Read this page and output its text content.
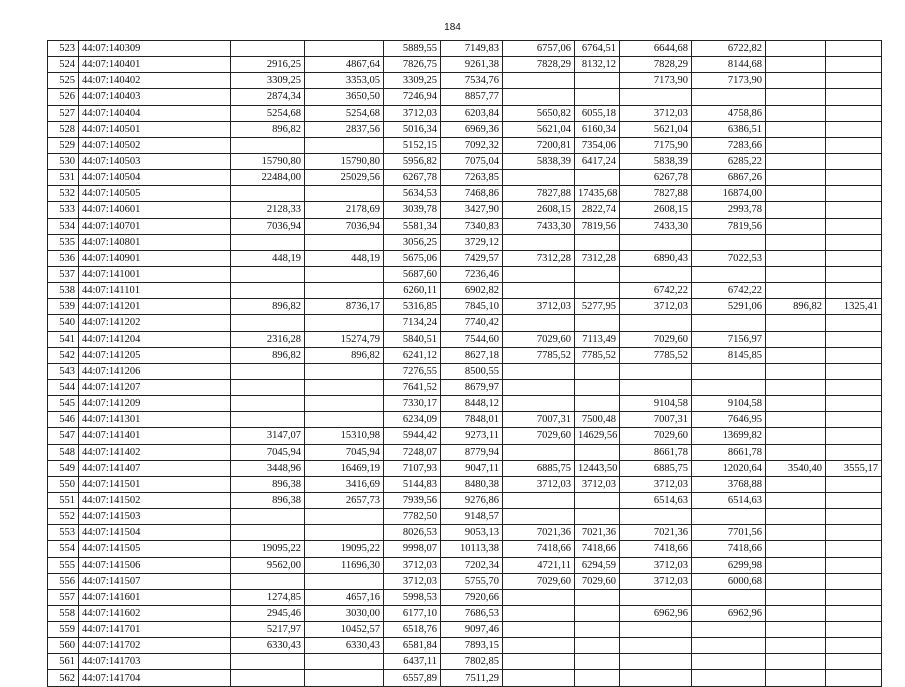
184
523	44:07:140309			5889,55	7149,83	6757,06	6764,51	6644,68	6722,82		
524	44:07:140401	2916,25	4867,64	7826,75	9261,38	7828,29	8132,12	7828,29	8144,68		
525	44:07:140402	3309,25	3353,05	3309,25	7534,76			7173,90	7173,90		
526	44:07:140403	2874,34	3650,50	7246,94	8857,77						
527	44:07:140404	5254,68	5254,68	3712,03	6203,84	5650,82	6055,18	3712,03	4758,86		
528	44:07:140501	896,82	2837,56	5016,34	6969,36	5621,04	6160,34	5621,04	6386,51		
529	44:07:140502			5152,15	7092,32	7200,81	7354,06	7175,90	7283,66		
530	44:07:140503	15790,80	15790,80	5956,82	7075,04	5838,39	6417,24	5838,39	6285,22		
531	44:07:140504	22484,00	25029,56	6267,78	7263,85			6267,78	6867,26		
532	44:07:140505			5634,53	7468,86	7827,88	17435,68	7827,88	16874,00		
533	44:07:140601	2128,33	2178,69	3039,78	3427,90	2608,15	2822,74	2608,15	2993,78		
534	44:07:140701	7036,94	7036,94	5581,34	7340,83	7433,30	7819,56	7433,30	7819,56		
535	44:07:140801			3056,25	3729,12						
536	44:07:140901	448,19	448,19	5675,06	7429,57	7312,28	7312,28	6890,43	7022,53		
537	44:07:141001			5687,60	7236,46						
538	44:07:141101			6260,11	6902,82			6742,22	6742,22		
539	44:07:141201	896,82	8736,17	5316,85	7845,10	3712,03	5277,95	3712,03	5291,06	896,82	1325,41
540	44:07:141202			7134,24	7740,42						
541	44:07:141204	2316,28	15274,79	5840,51	7544,60	7029,60	7113,49	7029,60	7156,97		
542	44:07:141205	896,82	896,82	6241,12	8627,18	7785,52	7785,52	7785,52	8145,85		
543	44:07:141206			7276,55	8500,55						
544	44:07:141207			7641,52	8679,97						
545	44:07:141209			7330,17	8448,12			9104,58	9104,58		
546	44:07:141301			6234,09	7848,01	7007,31	7500,48	7007,31	7646,95		
547	44:07:141401	3147,07	15310,98	5944,42	9273,11	7029,60	14629,56	7029,60	13699,82		
548	44:07:141402	7045,94	7045,94	7248,07	8779,94			8661,78	8661,78		
549	44:07:141407	3448,96	16469,19	7107,93	9047,11	6885,75	12443,50	6885,75	12020,64	3540,40	3555,17
550	44:07:141501	896,38	3416,69	5144,83	8480,38	3712,03	3712,03	3712,03	3768,88		
551	44:07:141502	896,38	2657,73	7939,56	9276,86			6514,63	6514,63		
552	44:07:141503			7782,50	9148,57						
553	44:07:141504			8026,53	9053,13	7021,36	7021,36	7021,36	7701,56		
554	44:07:141505	19095,22	19095,22	9998,07	10113,38	7418,66	7418,66	7418,66	7418,66		
555	44:07:141506	9562,00	11696,30	3712,03	7202,34	4721,11	6294,59	3712,03	6299,98		
556	44:07:141507			3712,03	5755,70	7029,60	7029,60	3712,03	6000,68		
557	44:07:141601	1274,85	4657,16	5998,53	7920,66						
558	44:07:141602	2945,46	3030,00	6177,10	7686,53			6962,96	6962,96		
559	44:07:141701	5217,97	10452,57	6518,76	9097,46						
560	44:07:141702	6330,43	6330,43	6581,84	7893,15						
561	44:07:141703			6437,11	7802,85						
562	44:07:141704			6557,89	7511,29						
